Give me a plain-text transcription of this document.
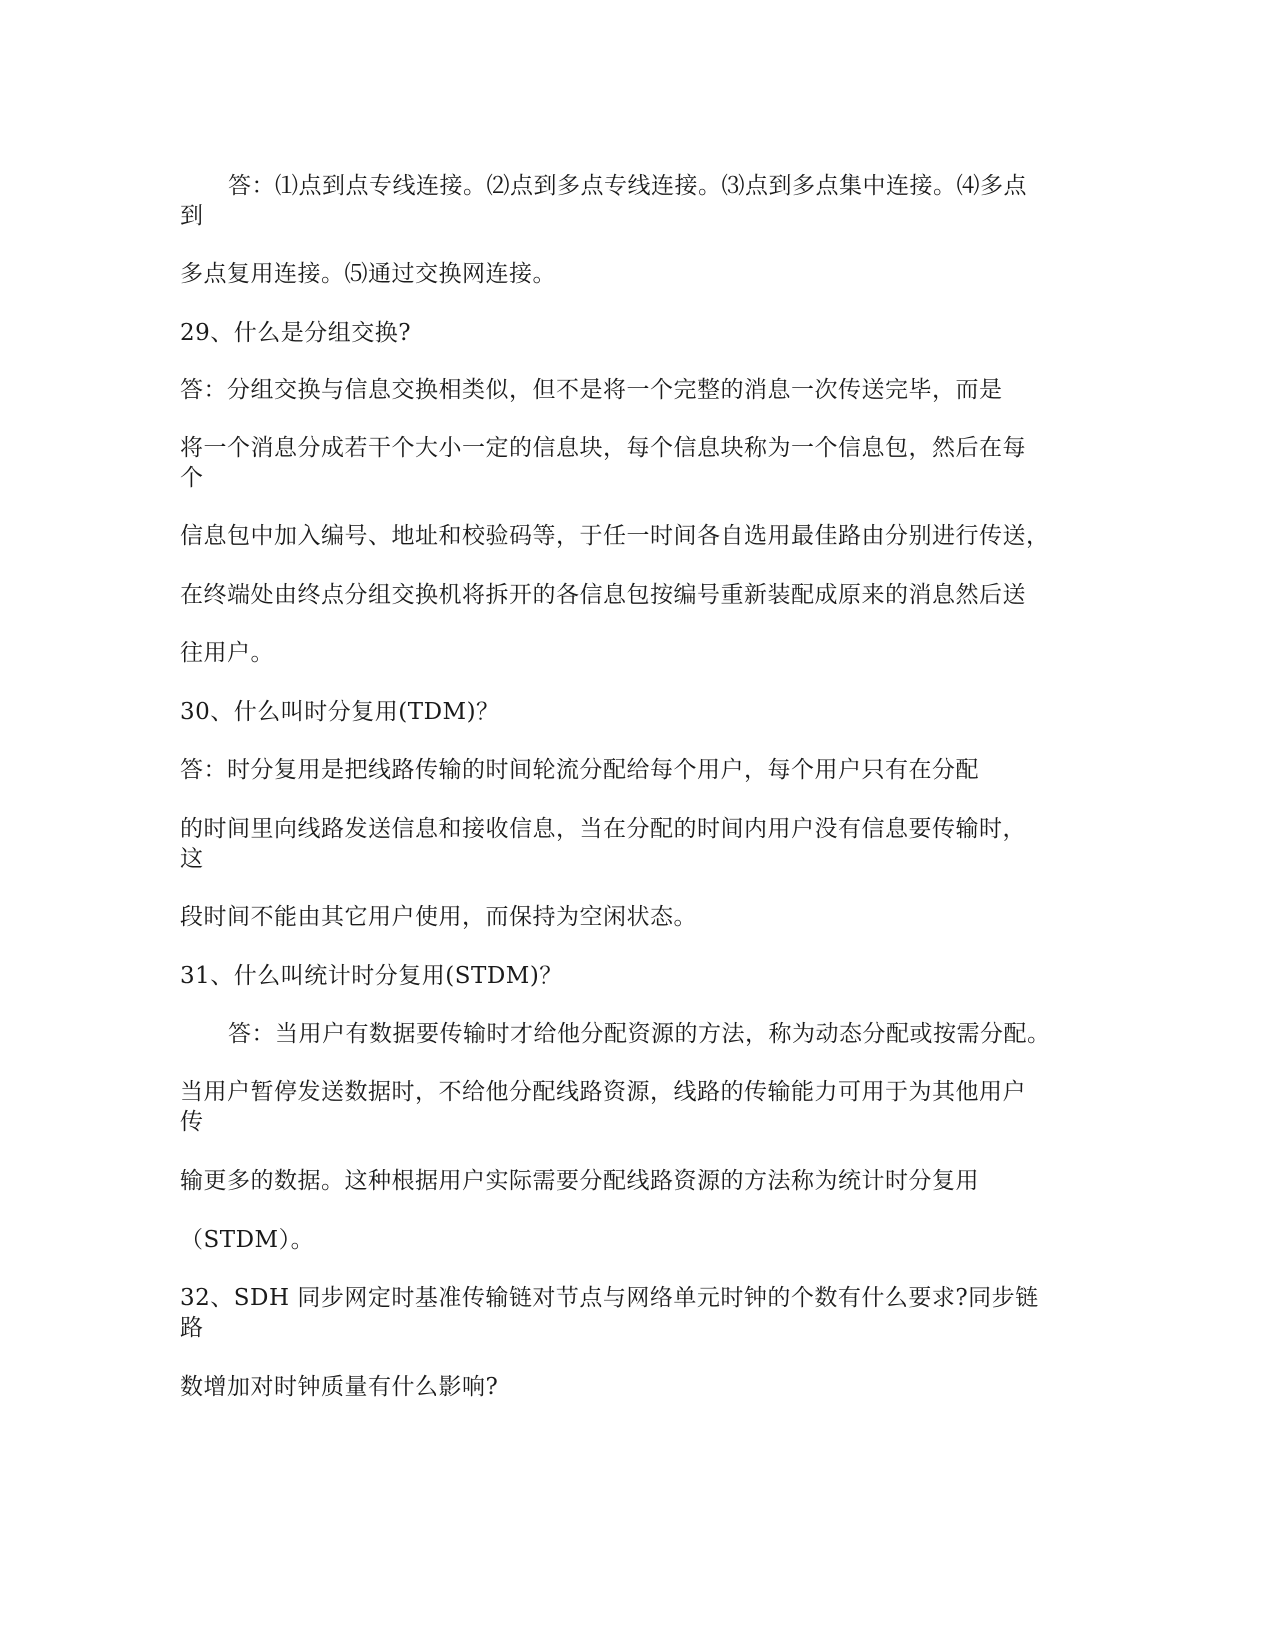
答：⑴点到点专线连接。⑵点到多点专线连接。⑶点到多点集中连接。⑷多点
到
多点复用连接。⑸通过交换网连接。
29、什么是分组交换?
答：分组交换与信息交换相类似，但不是将一个完整的消息一次传送完毕，而是
将一个消息分成若干个大小一定的信息块，每个信息块称为一个信息包，然后在每
个
信息包中加入编号、地址和校验码等，于任一时间各自选用最佳路由分别进行传送，
在终端处由终点分组交换机将拆开的各信息包按编号重新装配成原来的消息然后送
往用户。
30、什么叫时分复用(TDM)？
答：时分复用是把线路传输的时间轮流分配给每个用户，每个用户只有在分配
的时间里向线路发送信息和接收信息，当在分配的时间内用户没有信息要传输时，
这
段时间不能由其它用户使用，而保持为空闲状态。
31、什么叫统计时分复用(STDM)？
答：当用户有数据要传输时才给他分配资源的方法，称为动态分配或按需分配。
当用户暂停发送数据时，不给他分配线路资源，线路的传输能力可用于为其他用户
传
输更多的数据。这种根据用户实际需要分配线路资源的方法称为统计时分复用
（STDM）。
32、SDH 同步网定时基准传输链对节点与网络单元时钟的个数有什么要求?同步链
路
数增加对时钟质量有什么影响?
